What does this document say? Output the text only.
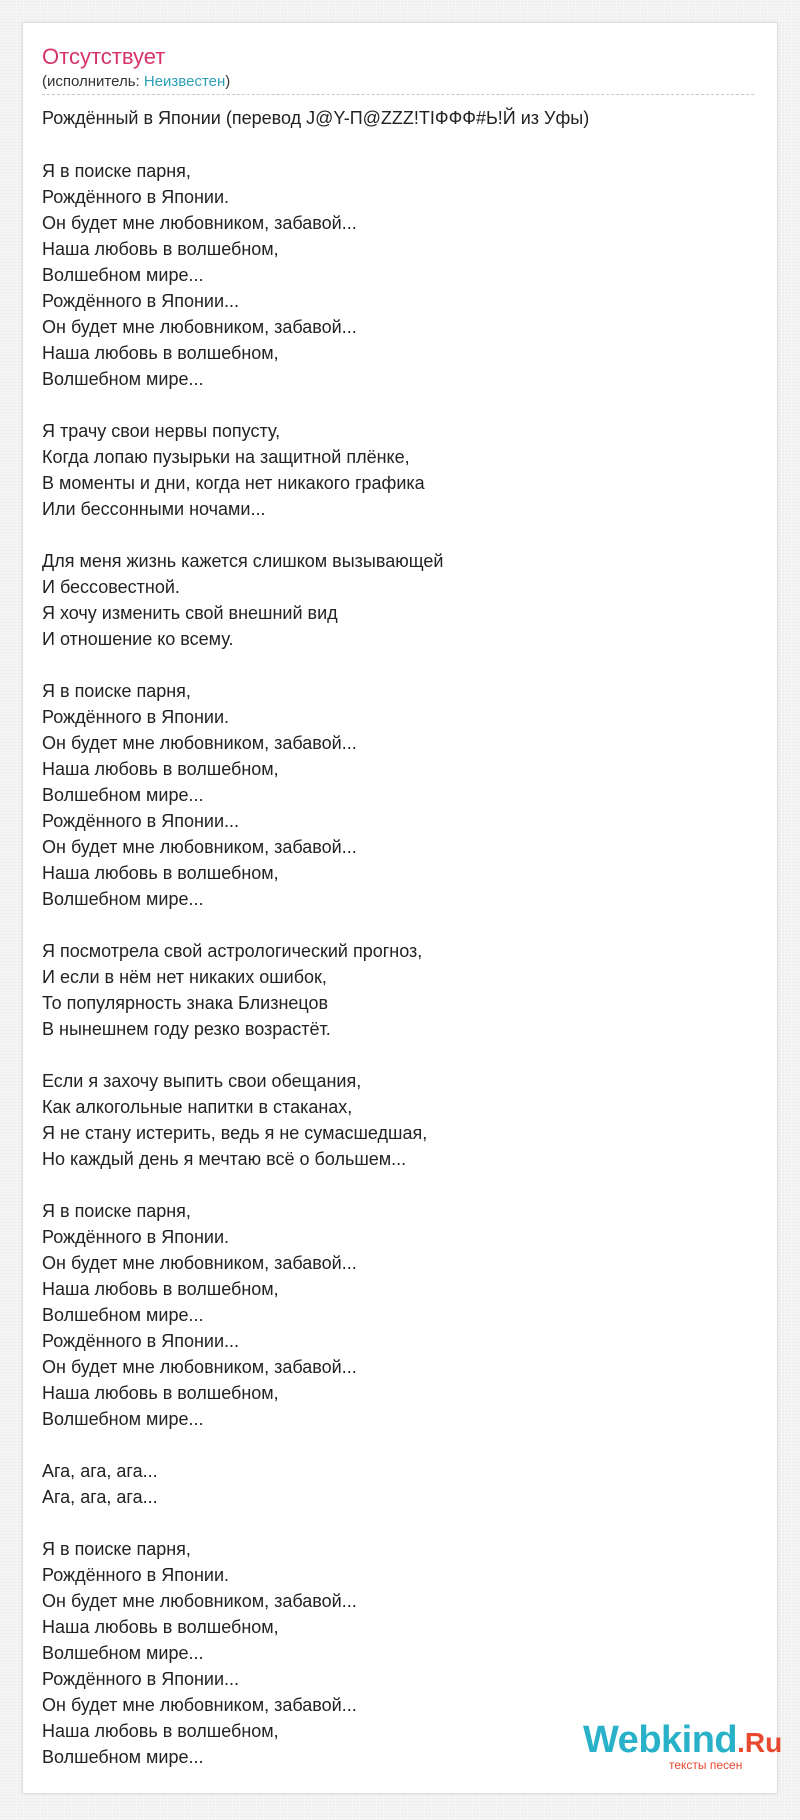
Отсутствует
(исполнитель: Неизвестен)
Рождённый в Японии (перевод J@Y-П@ZZZ!TIФФФ#Ь!Й из Уфы)
Я в поиске парня,
Рождённого в Японии.
Он будет мне любовником, забавой...
Наша любовь в волшебном,
Волшебном мире...
Рождённого в Японии...
Он будет мне любовником, забавой...
Наша любовь в волшебном,
Волшебном мире...
Я трачу свои нервы попусту,
Когда лопаю пузырьки на защитной плёнке,
В моменты и дни, когда нет никакого графика
Или бессонными ночами...
Для меня жизнь кажется слишком вызывающей
И бессовестной.
Я хочу изменить свой внешний вид
И отношение ко всему.
Я в поиске парня,
Рождённого в Японии.
Он будет мне любовником, забавой...
Наша любовь в волшебном,
Волшебном мире...
Рождённого в Японии...
Он будет мне любовником, забавой...
Наша любовь в волшебном,
Волшебном мире...
Я посмотрела свой астрологический прогноз,
И если в нём нет никаких ошибок,
То популярность знака Близнецов
В нынешнем году резко возрастёт.
Если я захочу выпить свои обещания,
Как алкогольные напитки в стаканах,
Я не стану истерить, ведь я не сумасшедшая,
Но каждый день я мечтаю всё о большем...
Я в поиске парня,
Рождённого в Японии.
Он будет мне любовником, забавой...
Наша любовь в волшебном,
Волшебном мире...
Рождённого в Японии...
Он будет мне любовником, забавой...
Наша любовь в волшебном,
Волшебном мире...
Ага, ага, ага...
Ага, ага, ага...
Я в поиске парня,
Рождённого в Японии.
Он будет мне любовником, забавой...
Наша любовь в волшебном,
Волшебном мире...
Рождённого в Японии...
Он будет мне любовником, забавой...
Наша любовь в волшебном,
Волшебном мире...	Webkind.Ru
тексты песен
